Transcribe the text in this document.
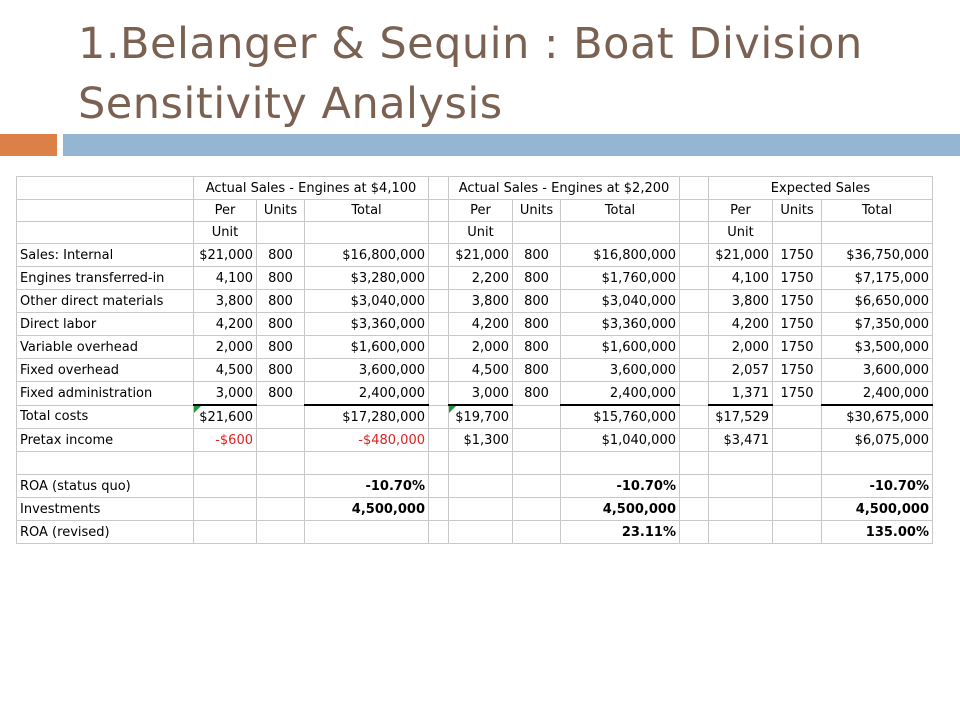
1.Belanger & Sequin : Boat Division
Sensitivity Analysis
	Actual Sales - Engines at $4,100				Actual Sales - Engines at $2,200				Expected Sales		
	Per	Units	Total		Per	Units	Total		Per	Units	Total
	Unit				Unit				Unit		
Sales: Internal	$21,000	800	$16,800,000		$21,000	800	$16,800,000		$21,000	1750	$36,750,000
Engines transferred-in	4,100	800	$3,280,000		2,200	800	$1,760,000		4,100	1750	$7,175,000
Other direct materials	3,800	800	$3,040,000		3,800	800	$3,040,000		3,800	1750	$6,650,000
Direct labor	4,200	800	$3,360,000		4,200	800	$3,360,000		4,200	1750	$7,350,000
Variable overhead	2,000	800	$1,600,000		2,000	800	$1,600,000		2,000	1750	$3,500,000
Fixed overhead	4,500	800	3,600,000		4,500	800	3,600,000		2,057	1750	3,600,000
Fixed administration	3,000	800	2,400,000		3,000	800	2,400,000		1,371	1750	2,400,000
Total costs	$21,600		$17,280,000		$19,700		$15,760,000		$17,529		$30,675,000
Pretax income	-$600		-$480,000		$1,300		$1,040,000		$3,471		$6,075,000

ROA (status quo)			-10.70%				-10.70%				-10.70%
Investments			4,500,000				4,500,000				4,500,000
ROA (revised)							23.11%				135.00%
